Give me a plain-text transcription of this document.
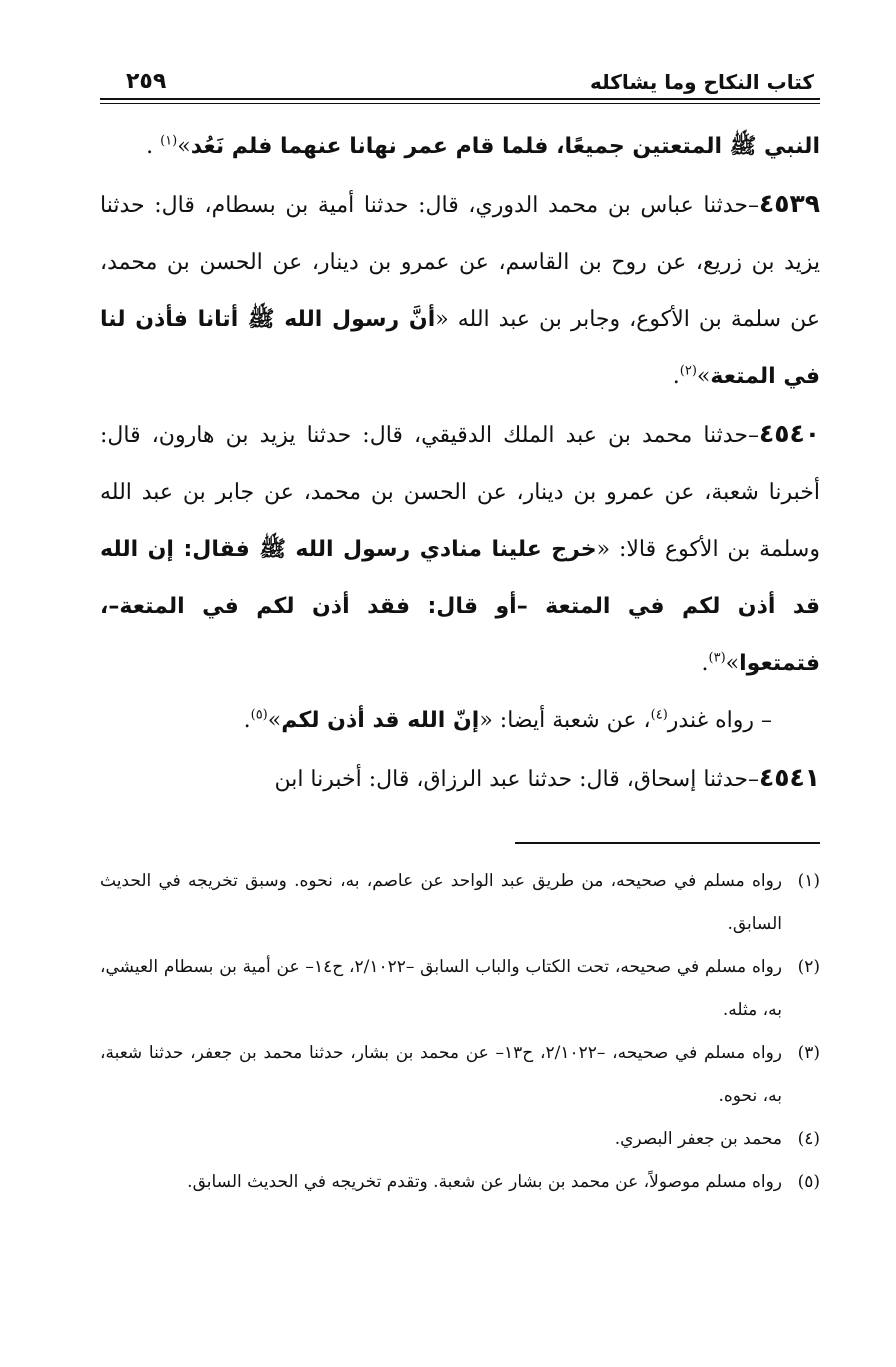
كتاب النكاح وما يشاكله
٢٥٩

النبي ﷺ المتعتين جميعًا، فلما قام عمر نهانا عنهما فلم نَعُد»$^{(١)}$ .

٤٥٣٩–حدثنا عباس بن محمد الدوري، قال: حدثنا أمية بن بسطام، قال: حدثنا يزيد بن زريع، عن روح بن القاسم، عن عمرو بن دينار، عن الحسن بن محمد، عن سلمة بن الأكوع، وجابر بن عبد الله «أنَّ رسول الله ﷺ أتانا فأذن لنا في المتعة»$^{(٢)}$.

٤٥٤٠–حدثنا محمد بن عبد الملك الدقيقي، قال: حدثنا يزيد بن هارون، قال: أخبرنا شعبة، عن عمرو بن دينار، عن الحسن بن محمد، عن جابر بن عبد الله وسلمة بن الأكوع قالا: «خرج علينا منادي رسول الله ﷺ فقال: إن الله قد أذن لكم في المتعة –أو قال: فقد أذن لكم في المتعة–، فتمتعوا»$^{(٣)}$.

– رواه غندر$^{(٤)}$، عن شعبة أيضا: «إنّ الله قد أذن لكم»$^{(٥)}$.

٤٥٤١–حدثنا إسحاق، قال: حدثنا عبد الرزاق، قال: أخبرنا ابن

(١)
رواه مسلم في صحيحه، من طريق عبد الواحد عن عاصم، به، نحوه. وسبق تخريجه في الحديث السابق.
(٢)
رواه مسلم في صحيحه، تحت الكتاب والباب السابق –٢/١٠٢٢، ح١٤– عن أمية بن بسطام العيشي، به، مثله.
(٣)
رواه مسلم في صحيحه، –٢/١٠٢٢، ح١٣– عن محمد بن بشار، حدثنا محمد بن جعفر، حدثنا شعبة، به، نحوه.
(٤)
محمد بن جعفر البصري.
(٥)
رواه مسلم موصولاً، عن محمد بن بشار عن شعبة. وتقدم تخريجه في الحديث السابق.
